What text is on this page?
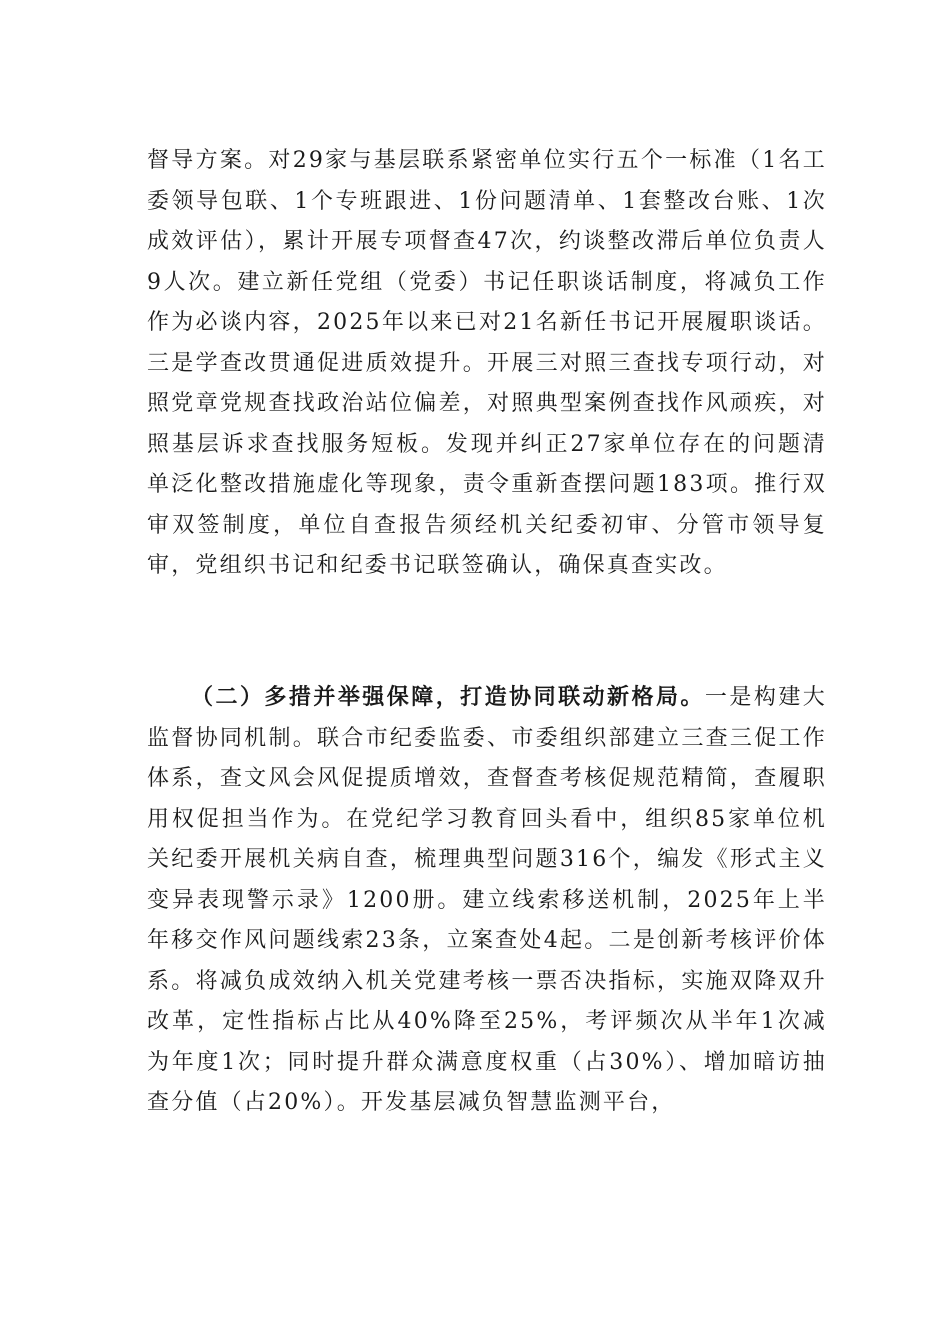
督导方案。对29家与基层联系紧密单位实行五个一标准（1名工委领导包联、1个专班跟进、1份问题清单、1套整改台账、1次成效评估），累计开展专项督查47次，约谈整改滞后单位负责人9人次。建立新任党组（党委）书记任职谈话制度，将减负工作作为必谈内容，2025年以来已对21名新任书记开展履职谈话。三是学查改贯通促进质效提升。开展三对照三查找专项行动，对照党章党规查找政治站位偏差，对照典型案例查找作风顽疾，对照基层诉求查找服务短板。发现并纠正27家单位存在的问题清单泛化整改措施虚化等现象，责令重新查摆问题183项。推行双审双签制度，单位自查报告须经机关纪委初审、分管市领导复审，党组织书记和纪委书记联签确认，确保真查实改。
（二）多措并举强保障，打造协同联动新格局。一是构建大监督协同机制。联合市纪委监委、市委组织部建立三查三促工作体系，查文风会风促提质增效，查督查考核促规范精简，查履职用权促担当作为。在党纪学习教育回头看中，组织85家单位机关纪委开展机关病自查，梳理典型问题316个，编发《形式主义变异表现警示录》1200册。建立线索移送机制，2025年上半年移交作风问题线索23条，立案查处4起。二是创新考核评价体系。将减负成效纳入机关党建考核一票否决指标，实施双降双升改革，定性指标占比从40%降至25%，考评频次从半年1次减为年度1次；同时提升群众满意度权重（占30%）、增加暗访抽查分值（占20%）。开发基层减负智慧监测平台，
